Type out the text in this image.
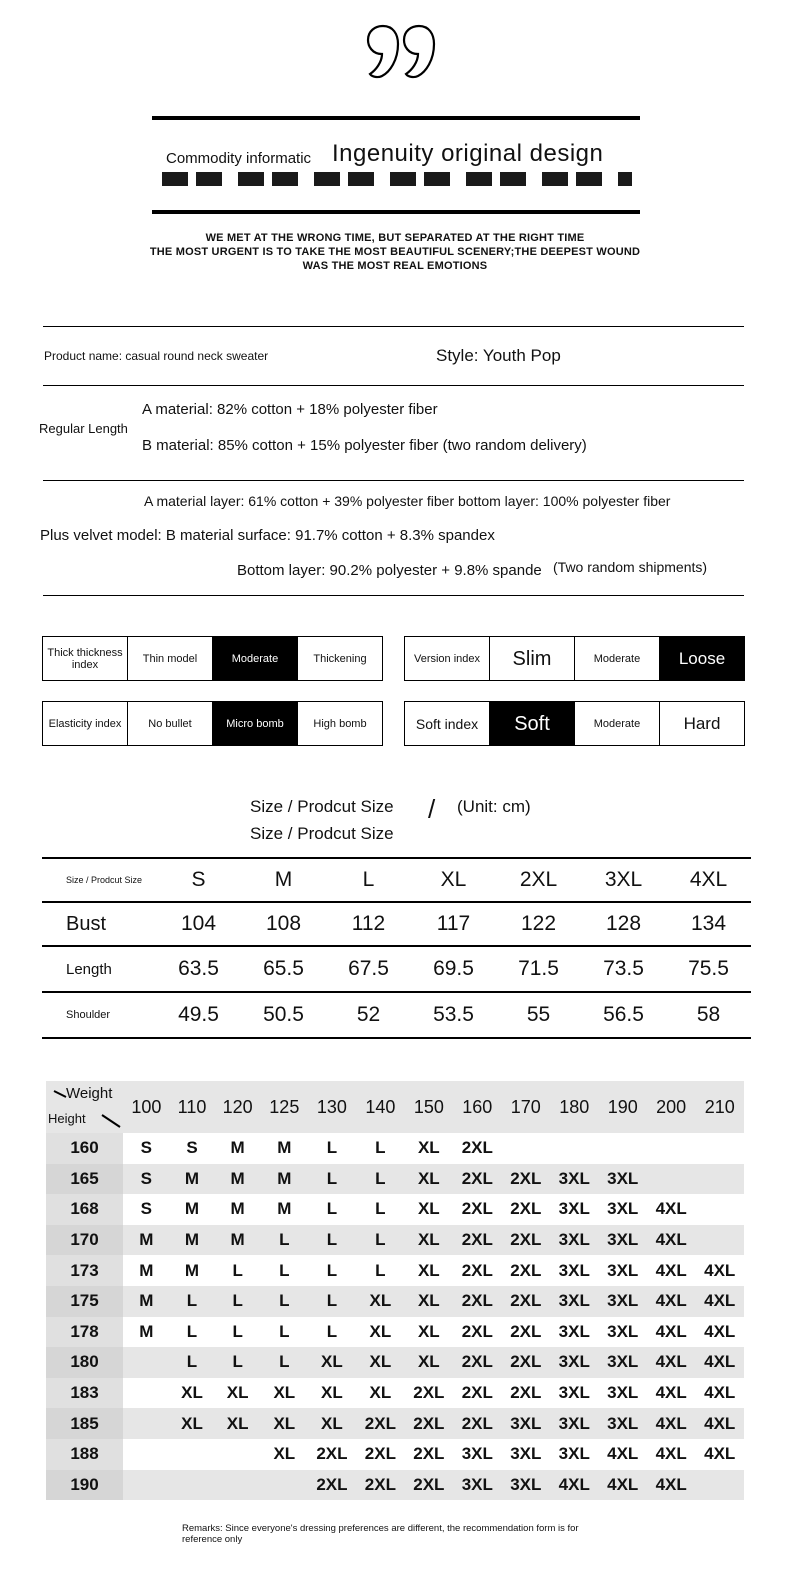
Commodity informatic Ingenuity original design
WE MET AT THE WRONG TIME, BUT SEPARATED AT THE RIGHT TIME
THE MOST URGENT IS TO TAKE THE MOST BEAUTIFUL SCENERY;THE DEEPEST WOUND
WAS THE MOST REAL EMOTIONS
Product name: casual round neck sweater	Style: Youth Pop
Regular Length
A material: 82% cotton + 18% polyester fiber
B material: 85% cotton + 15% polyester fiber (two random delivery)
A material layer: 61% cotton + 39% polyester fiber bottom layer: 100% polyester fiber
Plus velvet model: B material surface: 91.7% cotton + 8.3% spandex
Bottom layer: 90.2% polyester + 9.8% spande (Two random shipments)
Thick thickness index	Thin model	Moderate	Thickening	Version index	Slim	Moderate	Loose
Elasticity index	No bullet	Micro bomb	High bomb	Soft index	Soft	Moderate	Hard
Size / Prodcut Size / (Unit: cm)
Size / Prodcut Size
Size / Prodcut Size	S	M	L	XL	2XL	3XL	4XL
Bust	104	108	112	117	122	128	134
Length	63.5	65.5	67.5	69.5	71.5	73.5	75.5
Shoulder	49.5	50.5	52	53.5	55	56.5	58
Weight
Height	100	110	120	125	130	140	150	160	170	180	190	200	210
160	S	S	M	M	L	L	XL	2XL					
165	S	M	M	M	L	L	XL	2XL	2XL	3XL	3XL		
168	S	M	M	M	L	L	XL	2XL	2XL	3XL	3XL	4XL	
170	M	M	M	L	L	L	XL	2XL	2XL	3XL	3XL	4XL	
173	M	M	L	L	L	L	XL	2XL	2XL	3XL	3XL	4XL	4XL
175	M	L	L	L	L	XL	XL	2XL	2XL	3XL	3XL	4XL	4XL
178	M	L	L	L	L	XL	XL	2XL	2XL	3XL	3XL	4XL	4XL
180		L	L	L	XL	XL	XL	2XL	2XL	3XL	3XL	4XL	4XL
183		XL	XL	XL	XL	XL	2XL	2XL	2XL	3XL	3XL	4XL	4XL
185		XL	XL	XL	XL	2XL	2XL	2XL	3XL	3XL	3XL	4XL	4XL
188				XL	2XL	2XL	2XL	3XL	3XL	3XL	4XL	4XL	4XL
190					2XL	2XL	2XL	3XL	3XL	4XL	4XL	4XL	
Remarks: Since everyone's dressing preferences are different, the recommendation form is for reference only
